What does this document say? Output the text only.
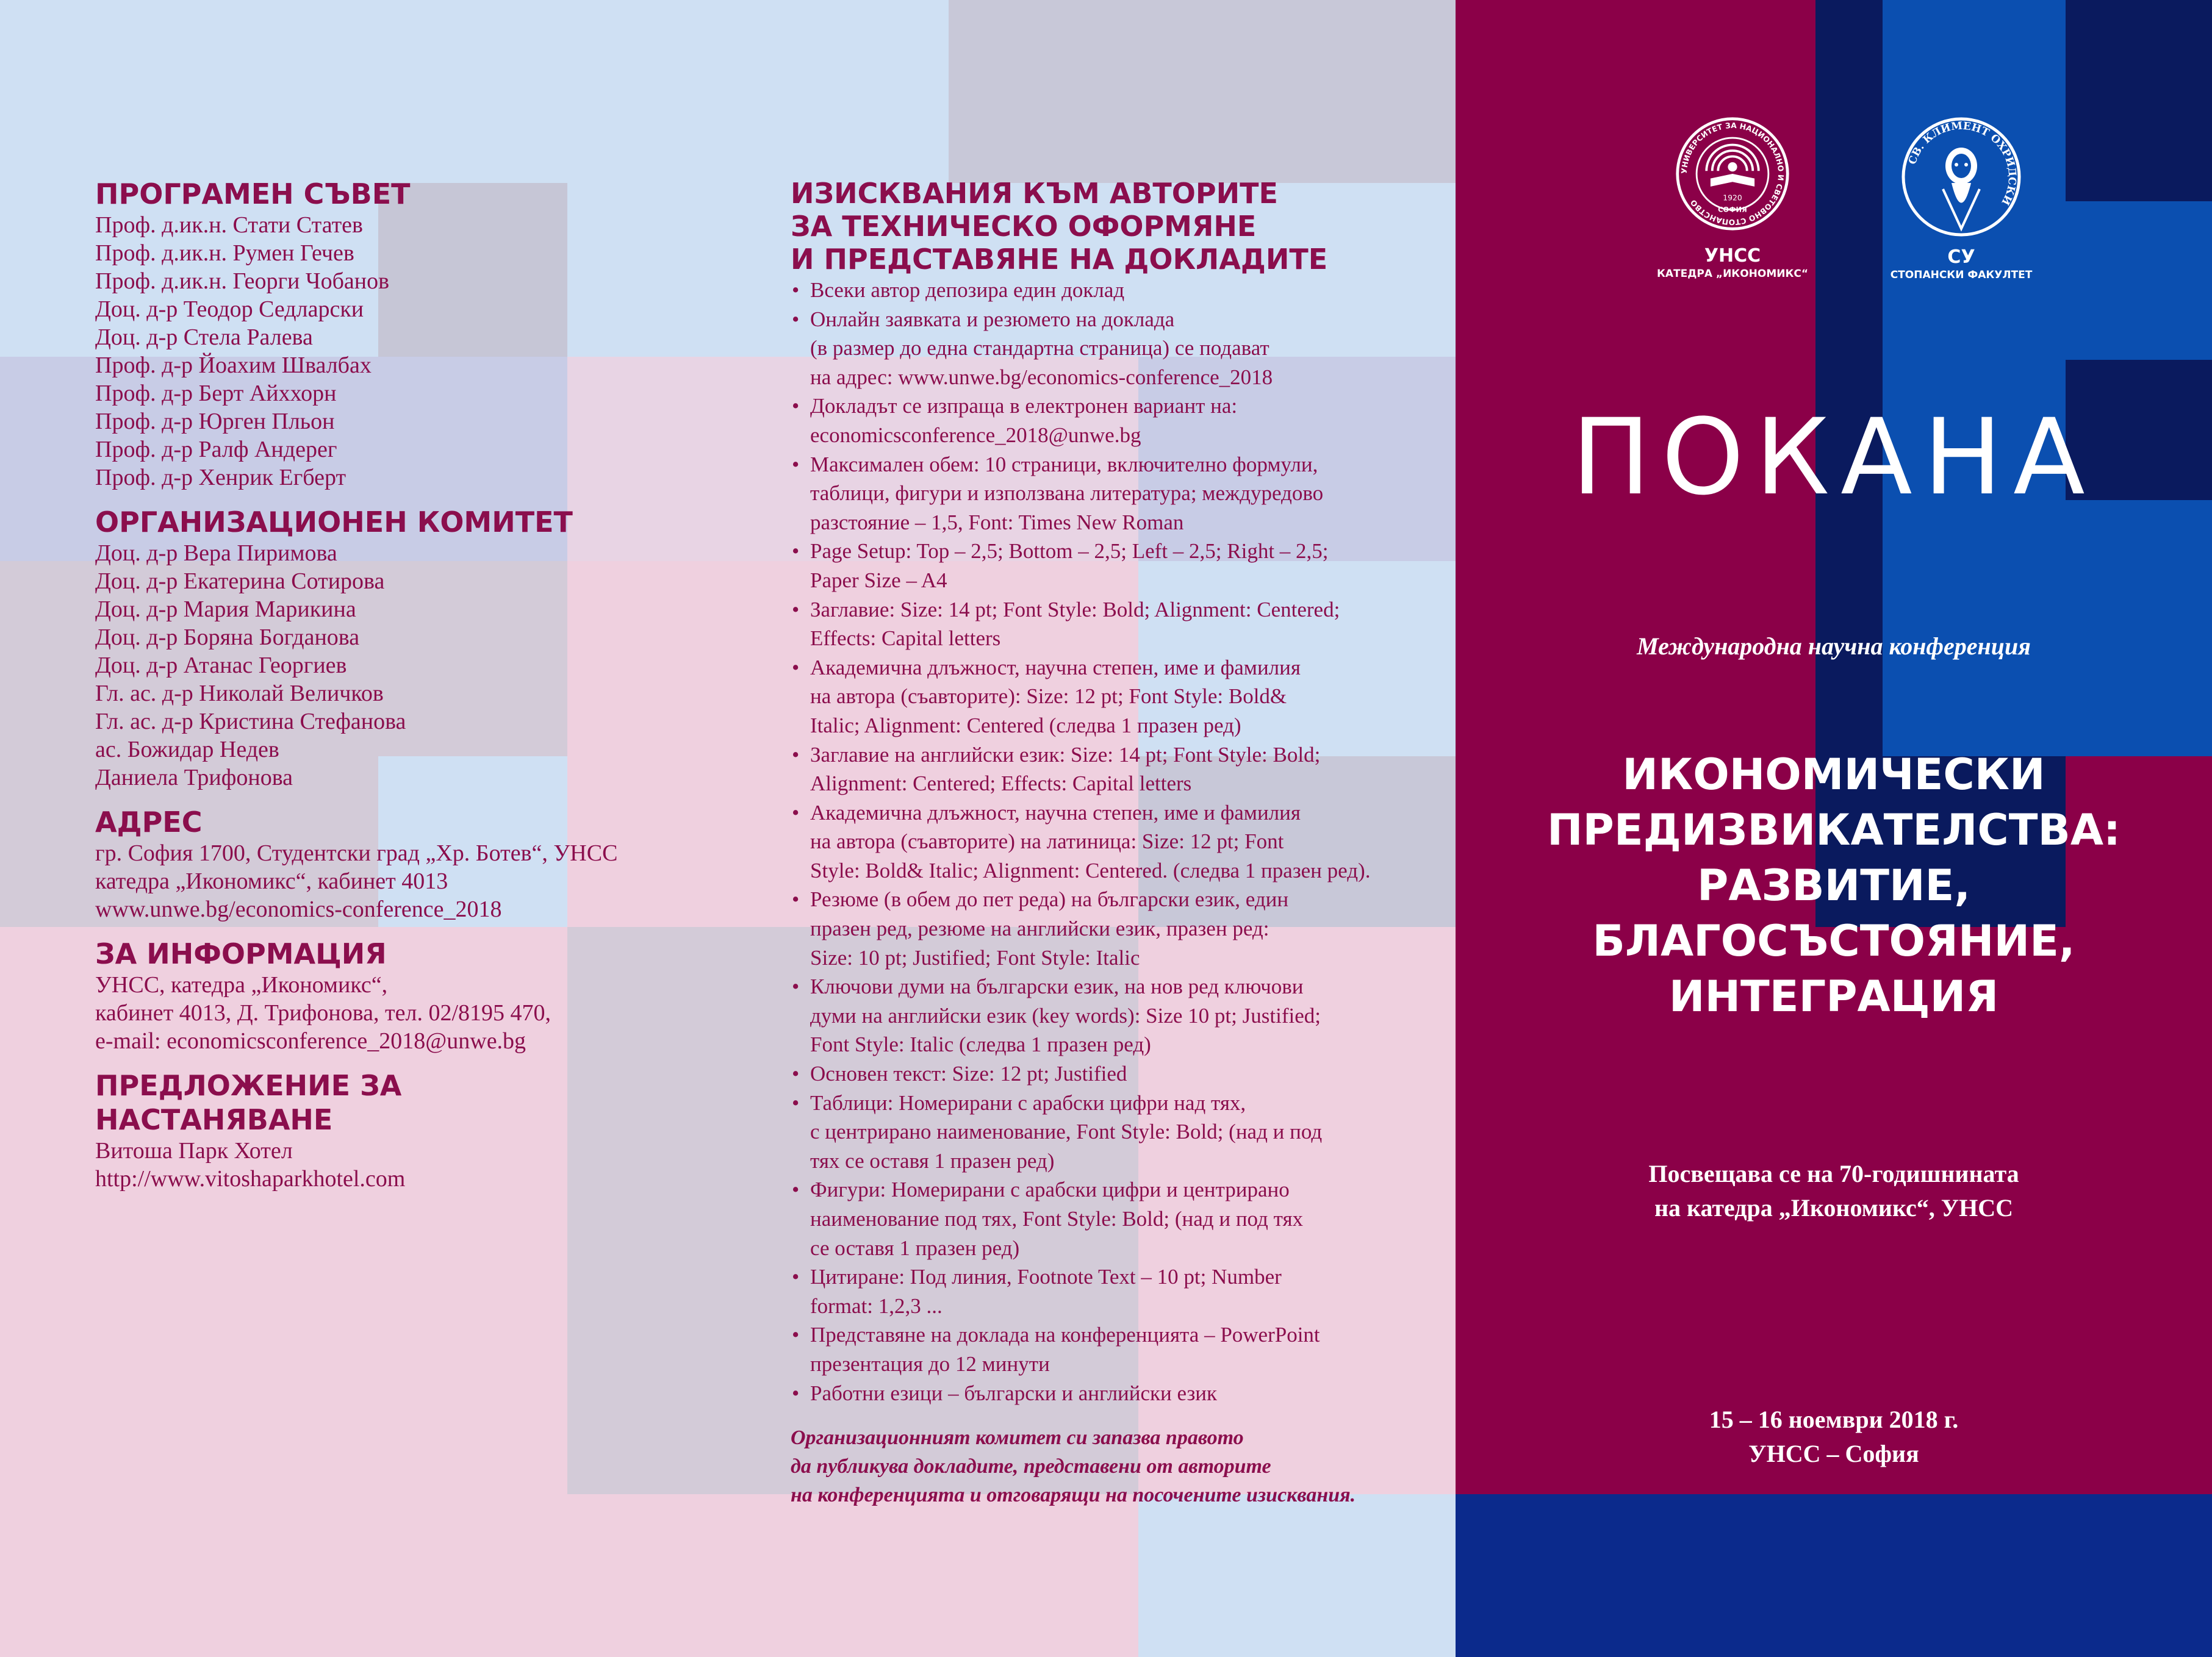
ПРОГРАМЕН СЪВЕТ
Проф. д.ик.н. Стати Статев
Проф. д.ик.н. Румен Гечев
Проф. д.ик.н. Георги Чобанов
Доц. д-р Теодор Седларски
Доц. д-р Стела Ралева
Проф. д-р Йоахим Швалбах
Проф. д-р Берт Айххорн
Проф. д-р Юрген Пльон
Проф. д-р Ралф Андерег
Проф. д-р Хенрик Егберт
ОРГАНИЗАЦИОНЕН КОМИТЕТ
Доц. д-р Вера Пиримова
Доц. д-р Екатерина Сотирова
Доц. д-р Мария Марикина
Доц. д-р Боряна Богданова
Доц. д-р Атанас Георгиев
Гл. ас. д-р Николай Величков
Гл. ас. д-р Кристина Стефанова
ас. Божидар Недев
Даниела Трифонова
АДРЕС
гр. София 1700, Студентски град „Хр. Ботев“, УНСС
катедра „Икономикс“, кабинет 4013
www.unwe.bg/economics-conference_2018
ЗА ИНФОРМАЦИЯ
УНСС, катедра „Икономикс“,
кабинет 4013, Д. Трифонова, тел. 02/8195 470,
e-mail: economicsconference_2018@unwe.bg
ПРЕДЛОЖЕНИЕ ЗА НАСТАНЯВАНЕ
Витоша Парк Хотел
http://www.vitoshaparkhotel.com
ИЗИСКВАНИЯ КЪМ АВТОРИТЕ
ЗА ТЕХНИЧЕСКО ОФОРМЯНЕ
И ПРЕДСТАВЯНЕ НА ДОКЛАДИТЕ
• Всеки автор депозира един доклад
• Онлайн заявката и резюмето на доклада
(в размер до една стандартна страница) се подават
на адрес: www.unwe.bg/economics-conference_2018
• Докладът се изпраща в електронен вариант на:
economicsconference_2018@unwe.bg
• Максимален обем: 10 страници, включително формули,
таблици, фигури и използвана литература; междуредово
разстояние – 1,5, Font: Times New Roman
• Page Setup: Top – 2,5; Bottom – 2,5; Left – 2,5; Right – 2,5;
Paper Size – A4
• Заглавие: Size: 14 pt; Font Style: Bold; Alignment: Centered;
Effects: Capital letters
• Академична длъжност, научна степен, име и фамилия
на автора (съавторите): Size: 12 pt; Font Style: Bold&
Italic; Alignment: Centered (следва 1 празен ред)
• Заглавие на английски език: Size: 14 pt; Font Style: Bold;
Alignment: Centered; Effects: Capital letters
• Академична длъжност, научна степен, име и фамилия
на автора (съавторите) на латиница: Size: 12 pt; Font
Style: Bold& Italic; Alignment: Centered. (следва 1 празен ред).
• Резюме (в обем до пет реда) на български език, един
празен ред, резюме на английски език, празен ред:
Size: 10 pt; Justified; Font Style: Italic
• Ключови думи на български език, на нов ред ключови
думи на английски език (key words): Size 10 pt; Justified;
Font Style: Italic (следва 1 празен ред)
• Основен текст: Size: 12 pt; Justified
• Таблици: Номерирани с арабски цифри над тях,
с центрирано наименование, Font Style: Bold; (над и под
тях се оставя 1 празен ред)
• Фигури: Номерирани с арабски цифри и центрирано
наименование под тях, Font Style: Bold; (над и под тях
се оставя 1 празен ред)
• Цитиране: Под линия, Footnote Text – 10 pt; Number
format: 1,2,3 ...
• Представяне на доклада на конференцията – PowerPoint
презентация до 12 минути
• Работни езици – български и английски език
Организационният комитет си запазва правото
да публикува докладите, представени от авторите
на конференцията и отговарящи на посочените изисквания.
УНИВЕРСИТЕТ ЗА НАЦИОНАЛНО И СВЕТОВНО СТОПАНСТВО	1920
СОФИЯ
УНСС
КАТЕДРА „ИКОНОМИКС“
СВ. КЛИМЕНТ ОХРИДСКИ
СУ
СТОПАНСКИ ФАКУЛТЕТ
ПОКАНА
Международна научна конференция
ИКОНОМИЧЕСКИ
ПРЕДИЗВИКАТЕЛСТВА:
РАЗВИТИЕ,
БЛАГОСЪСТОЯНИЕ,
ИНТЕГРАЦИЯ
Посвещава се на 70-годишнината
на катедра „Икономикс“, УНСС
15 – 16 ноември 2018 г.
УНСС – София
